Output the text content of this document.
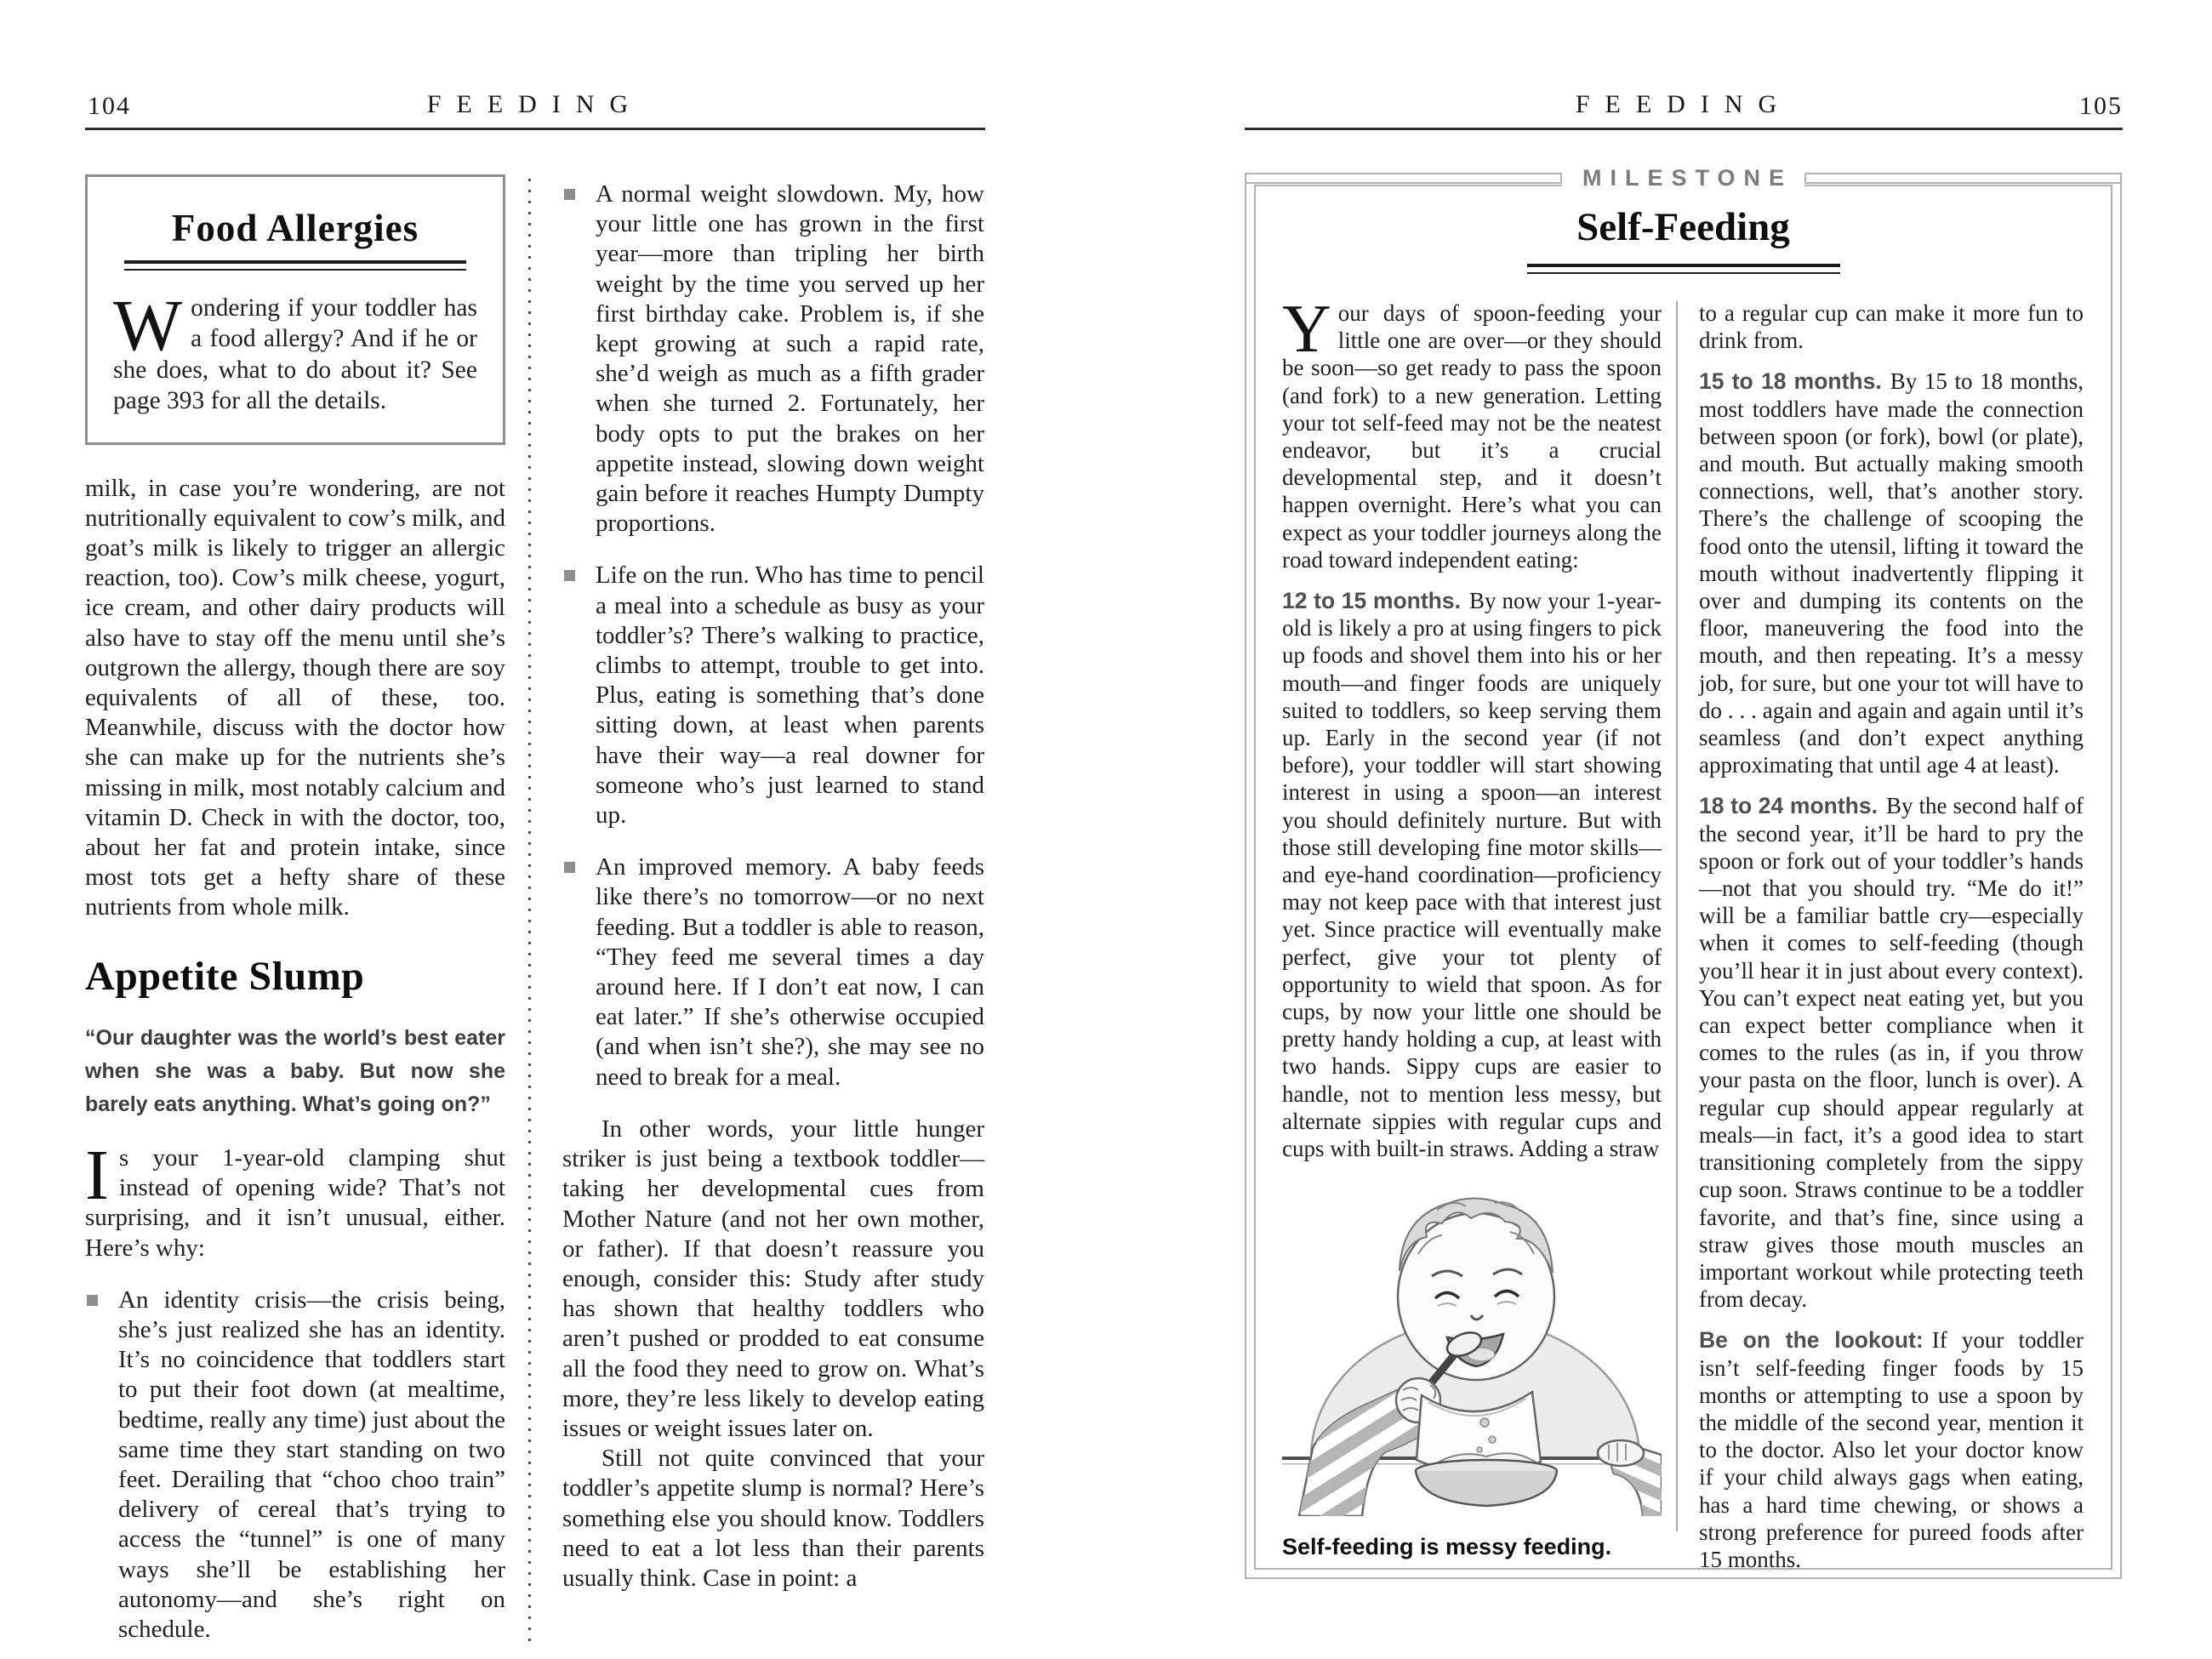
104	FEEDING
Food Allergies

Wondering if your toddler has a food allergy? And if he or she does, what to do about it? See page 393 for all the details.

milk, in case you’re wondering, are not nutritionally equivalent to cow’s milk, and goat’s milk is likely to trigger an allergic reaction, too). Cow’s milk cheese, yogurt, ice cream, and other dairy products will also have to stay off the menu until she’s outgrown the allergy, though there are soy equivalents of all of these, too. Meanwhile, discuss with the doctor how she can make up for the nutrients she’s missing in milk, most notably calcium and vitamin D. Check in with the doctor, too, about her fat and protein intake, since most tots get a hefty share of these nutrients from whole milk.

Appetite Slump

“Our daughter was the world’s best eater when she was a baby. But now she barely eats anything. What’s going on?”

Is your 1-year-old clamping shut instead of opening wide? That’s not surprising, and it isn’t unusual, either. Here’s why:

An identity crisis—the crisis being, she’s just realized she has an identity. It’s no coincidence that toddlers start to put their foot down (at mealtime, bedtime, really any time) just about the same time they start standing on two feet. Derailing that “choo choo train” delivery of cereal that’s trying to access the “tunnel” is one of many ways she’ll be establishing her autonomy—and she’s right on schedule.

A normal weight slowdown. My, how your little one has grown in the first year—more than tripling her birth weight by the time you served up her first birthday cake. Problem is, if she kept growing at such a rapid rate, she’d weigh as much as a fifth grader when she turned 2. Fortunately, her body opts to put the brakes on her appetite instead, slowing down weight gain before it reaches Humpty Dumpty proportions.

Life on the run. Who has time to pencil a meal into a schedule as busy as your toddler’s? There’s walking to practice, climbs to attempt, trouble to get into. Plus, eating is something that’s done sitting down, at least when parents have their way—a real downer for someone who’s just learned to stand up.

An improved memory. A baby feeds like there’s no tomorrow—or no next feeding. But a toddler is able to reason, “They feed me several times a day around here. If I don’t eat now, I can eat later.” If she’s otherwise occupied (and when isn’t she?), she may see no need to break for a meal.

In other words, your little hunger striker is just being a textbook toddler—taking her developmental cues from Mother Nature (and not her own mother, or father). If that doesn’t reassure you enough, consider this: Study after study has shown that healthy toddlers who aren’t pushed or prodded to eat consume all the food they need to grow on. What’s more, they’re less likely to develop eating issues or weight issues later on.

Still not quite convinced that your toddler’s appetite slump is normal? Here’s something else you should know. Toddlers need to eat a lot less than their parents usually think. Case in point: a

FEEDING	105
MILESTONE
Self-Feeding

Your days of spoon-feeding your little one are over—or they should be soon—so get ready to pass the spoon (and fork) to a new generation. Letting your tot self-feed may not be the neatest endeavor, but it’s a crucial developmental step, and it doesn’t happen overnight. Here’s what you can expect as your toddler journeys along the road toward independent eating:

12 to 15 months. By now your 1-year-old is likely a pro at using fingers to pick up foods and shovel them into his or her mouth—and finger foods are uniquely suited to toddlers, so keep serving them up. Early in the second year (if not before), your toddler will start showing interest in using a spoon—an interest you should definitely nurture. But with those still developing fine motor skills—and eye-hand coordination—proficiency may not keep pace with that interest just yet. Since practice will eventually make perfect, give your tot plenty of opportunity to wield that spoon. As for cups, by now your little one should be pretty handy holding a cup, at least with two hands. Sippy cups are easier to handle, not to mention less messy, but alternate sippies with regular cups and cups with built-in straws. Adding a straw

Self-feeding is messy feeding.

to a regular cup can make it more fun to drink from.

15 to 18 months. By 15 to 18 months, most toddlers have made the connection between spoon (or fork), bowl (or plate), and mouth. But actually making smooth connections, well, that’s another story. There’s the challenge of scooping the food onto the utensil, lifting it toward the mouth without inadvertently flipping it over and dumping its contents on the floor, maneuvering the food into the mouth, and then repeating. It’s a messy job, for sure, but one your tot will have to do . . . again and again and again until it’s seamless (and don’t expect anything approximating that until age 4 at least).

18 to 24 months. By the second half of the second year, it’ll be hard to pry the spoon or fork out of your toddler’s hands—not that you should try. “Me do it!” will be a familiar battle cry—especially when it comes to self-feeding (though you’ll hear it in just about every context). You can’t expect neat eating yet, but you can expect better compliance when it comes to the rules (as in, if you throw your pasta on the floor, lunch is over). A regular cup should appear regularly at meals—in fact, it’s a good idea to start transitioning completely from the sippy cup soon. Straws continue to be a toddler favorite, and that’s fine, since using a straw gives those mouth muscles an important workout while protecting teeth from decay.

Be on the lookout: If your toddler isn’t self-feeding finger foods by 15 months or attempting to use a spoon by the middle of the second year, mention it to the doctor. Also let your doctor know if your child always gags when eating, has a hard time chewing, or shows a strong preference for pureed foods after 15 months.
